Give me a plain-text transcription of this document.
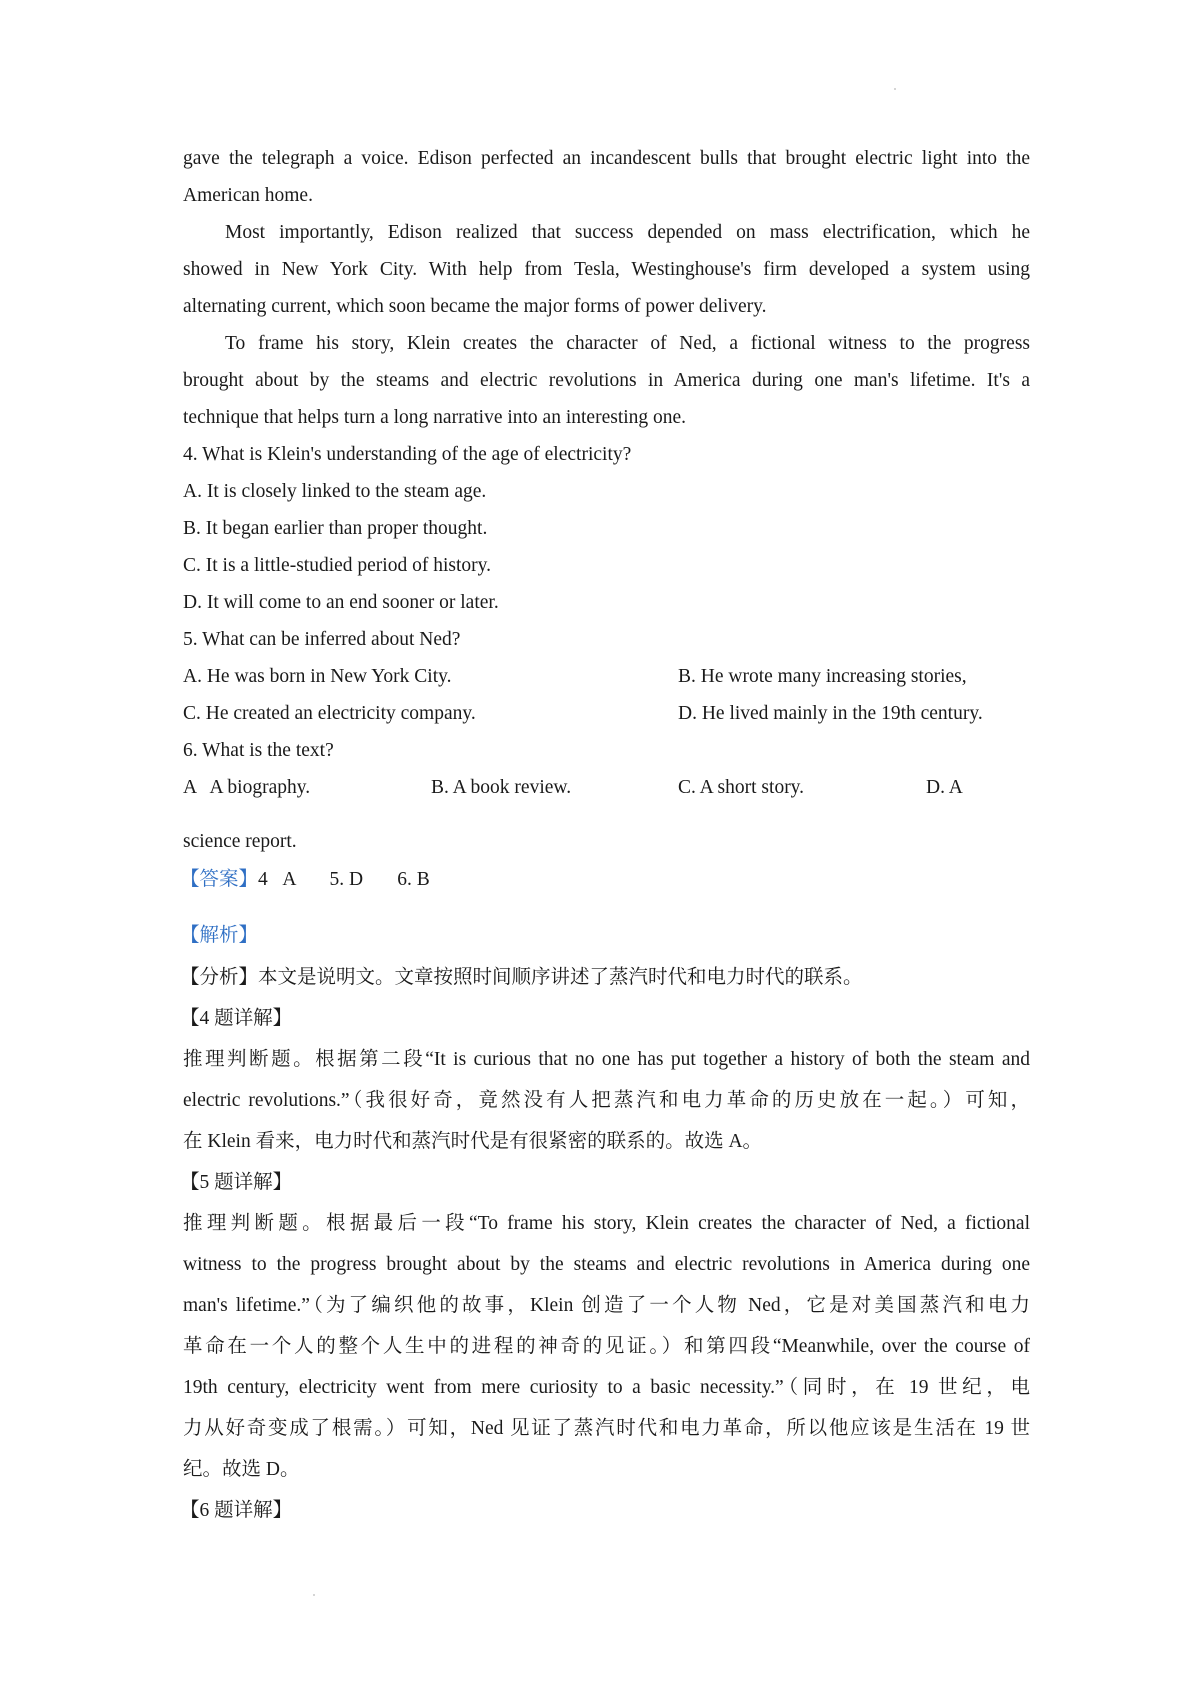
gave the telegraph a voice. Edison perfected an incandescent bulls that brought electric light into the
American home.
Most importantly, Edison realized that success depended on mass electrification, which he
showed in New York City. With help from Tesla, Westinghouse's firm developed a system using
alternating current, which soon became the major forms of power delivery.
To frame his story, Klein creates the character of Ned, a fictional witness to the progress
brought about by the steams and electric revolutions in America during one man's lifetime. It's a
technique that helps turn a long narrative into an interesting one.
4. What is Klein's understanding of the age of electricity?
A. It is closely linked to the steam age.
B. It began earlier than proper thought.
C. It is a little-studied period of history.
D. It will come to an end sooner or later.
5. What can be inferred about Ned?
A. He was born in New York City.	B. He wrote many increasing stories,
C. He created an electricity company.	D. He lived mainly in the 19th century.
6. What is the text?
A   A biography.	B. A book review.	C. A short story.	D. A
science report.
【答案】4   A       5. D       6. B
【解析】
【分析】本文是说明文。文章按照时间顺序讲述了蒸汽时代和电力时代的联系。
【4 题详解】
推理判断题。根据第二段“It is curious that no one has put together a history of both the steam and
electric revolutions.”（我很好奇，竟然没有人把蒸汽和电力革命的历史放在一起。）可知，
在 Klein 看来，电力时代和蒸汽时代是有很紧密的联系的。故选 A。
【5 题详解】
推理判断题。根据最后一段“To frame his story, Klein creates the character of Ned, a fictional
witness to the progress brought about by the steams and electric revolutions in America during one
man's lifetime.”（为了编织他的故事，Klein 创造了一个人物 Ned，它是对美国蒸汽和电力
革命在一个人的整个人生中的进程的神奇的见证。）和第四段“Meanwhile, over the course of
19th century, electricity went from mere curiosity to a basic necessity.”（同时，在 19 世纪，电
力从好奇变成了根需。）可知，Ned 见证了蒸汽时代和电力革命，所以他应该是生活在 19 世
纪。故选 D。
【6 题详解】
